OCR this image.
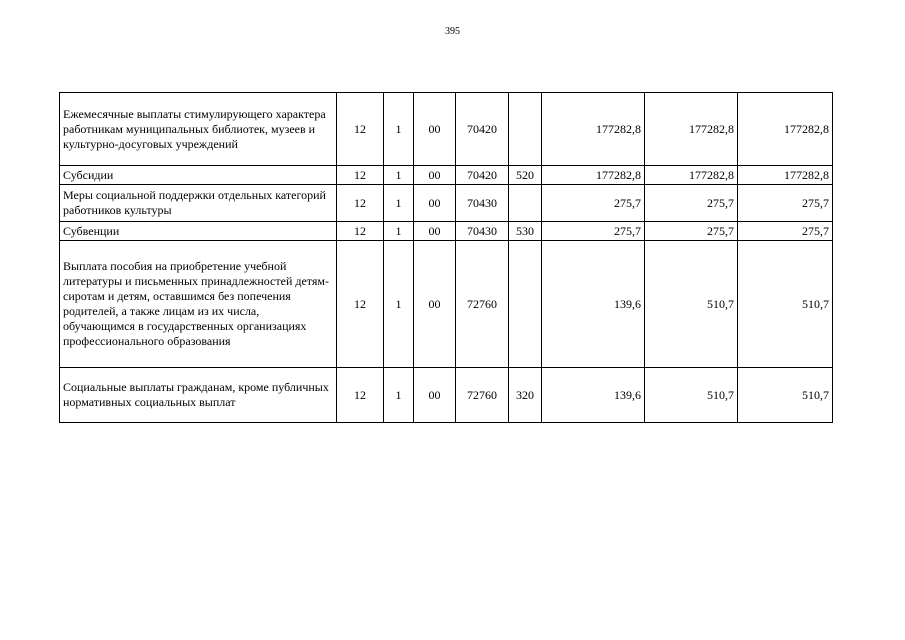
395
Ежемесячные выплаты стимулирующего характера работникам муниципальных библиотек, музеев и культурно-досуговых учреждений	12	1	00	70420		177282,8	177282,8	177282,8
Субсидии	12	1	00	70420	520	177282,8	177282,8	177282,8
Меры социальной поддержки отдельных категорий работников культуры	12	1	00	70430		275,7	275,7	275,7
Субвенции	12	1	00	70430	530	275,7	275,7	275,7
Выплата пособия на приобретение учебной литературы и письменных принадлежностей детям-сиротам и детям, оставшимся без попечения родителей, а также лицам из их числа, обучающимся в государственных организациях профессионального образования	12	1	00	72760		139,6	510,7	510,7
Социальные выплаты гражданам, кроме публичных нормативных социальных выплат	12	1	00	72760	320	139,6	510,7	510,7
